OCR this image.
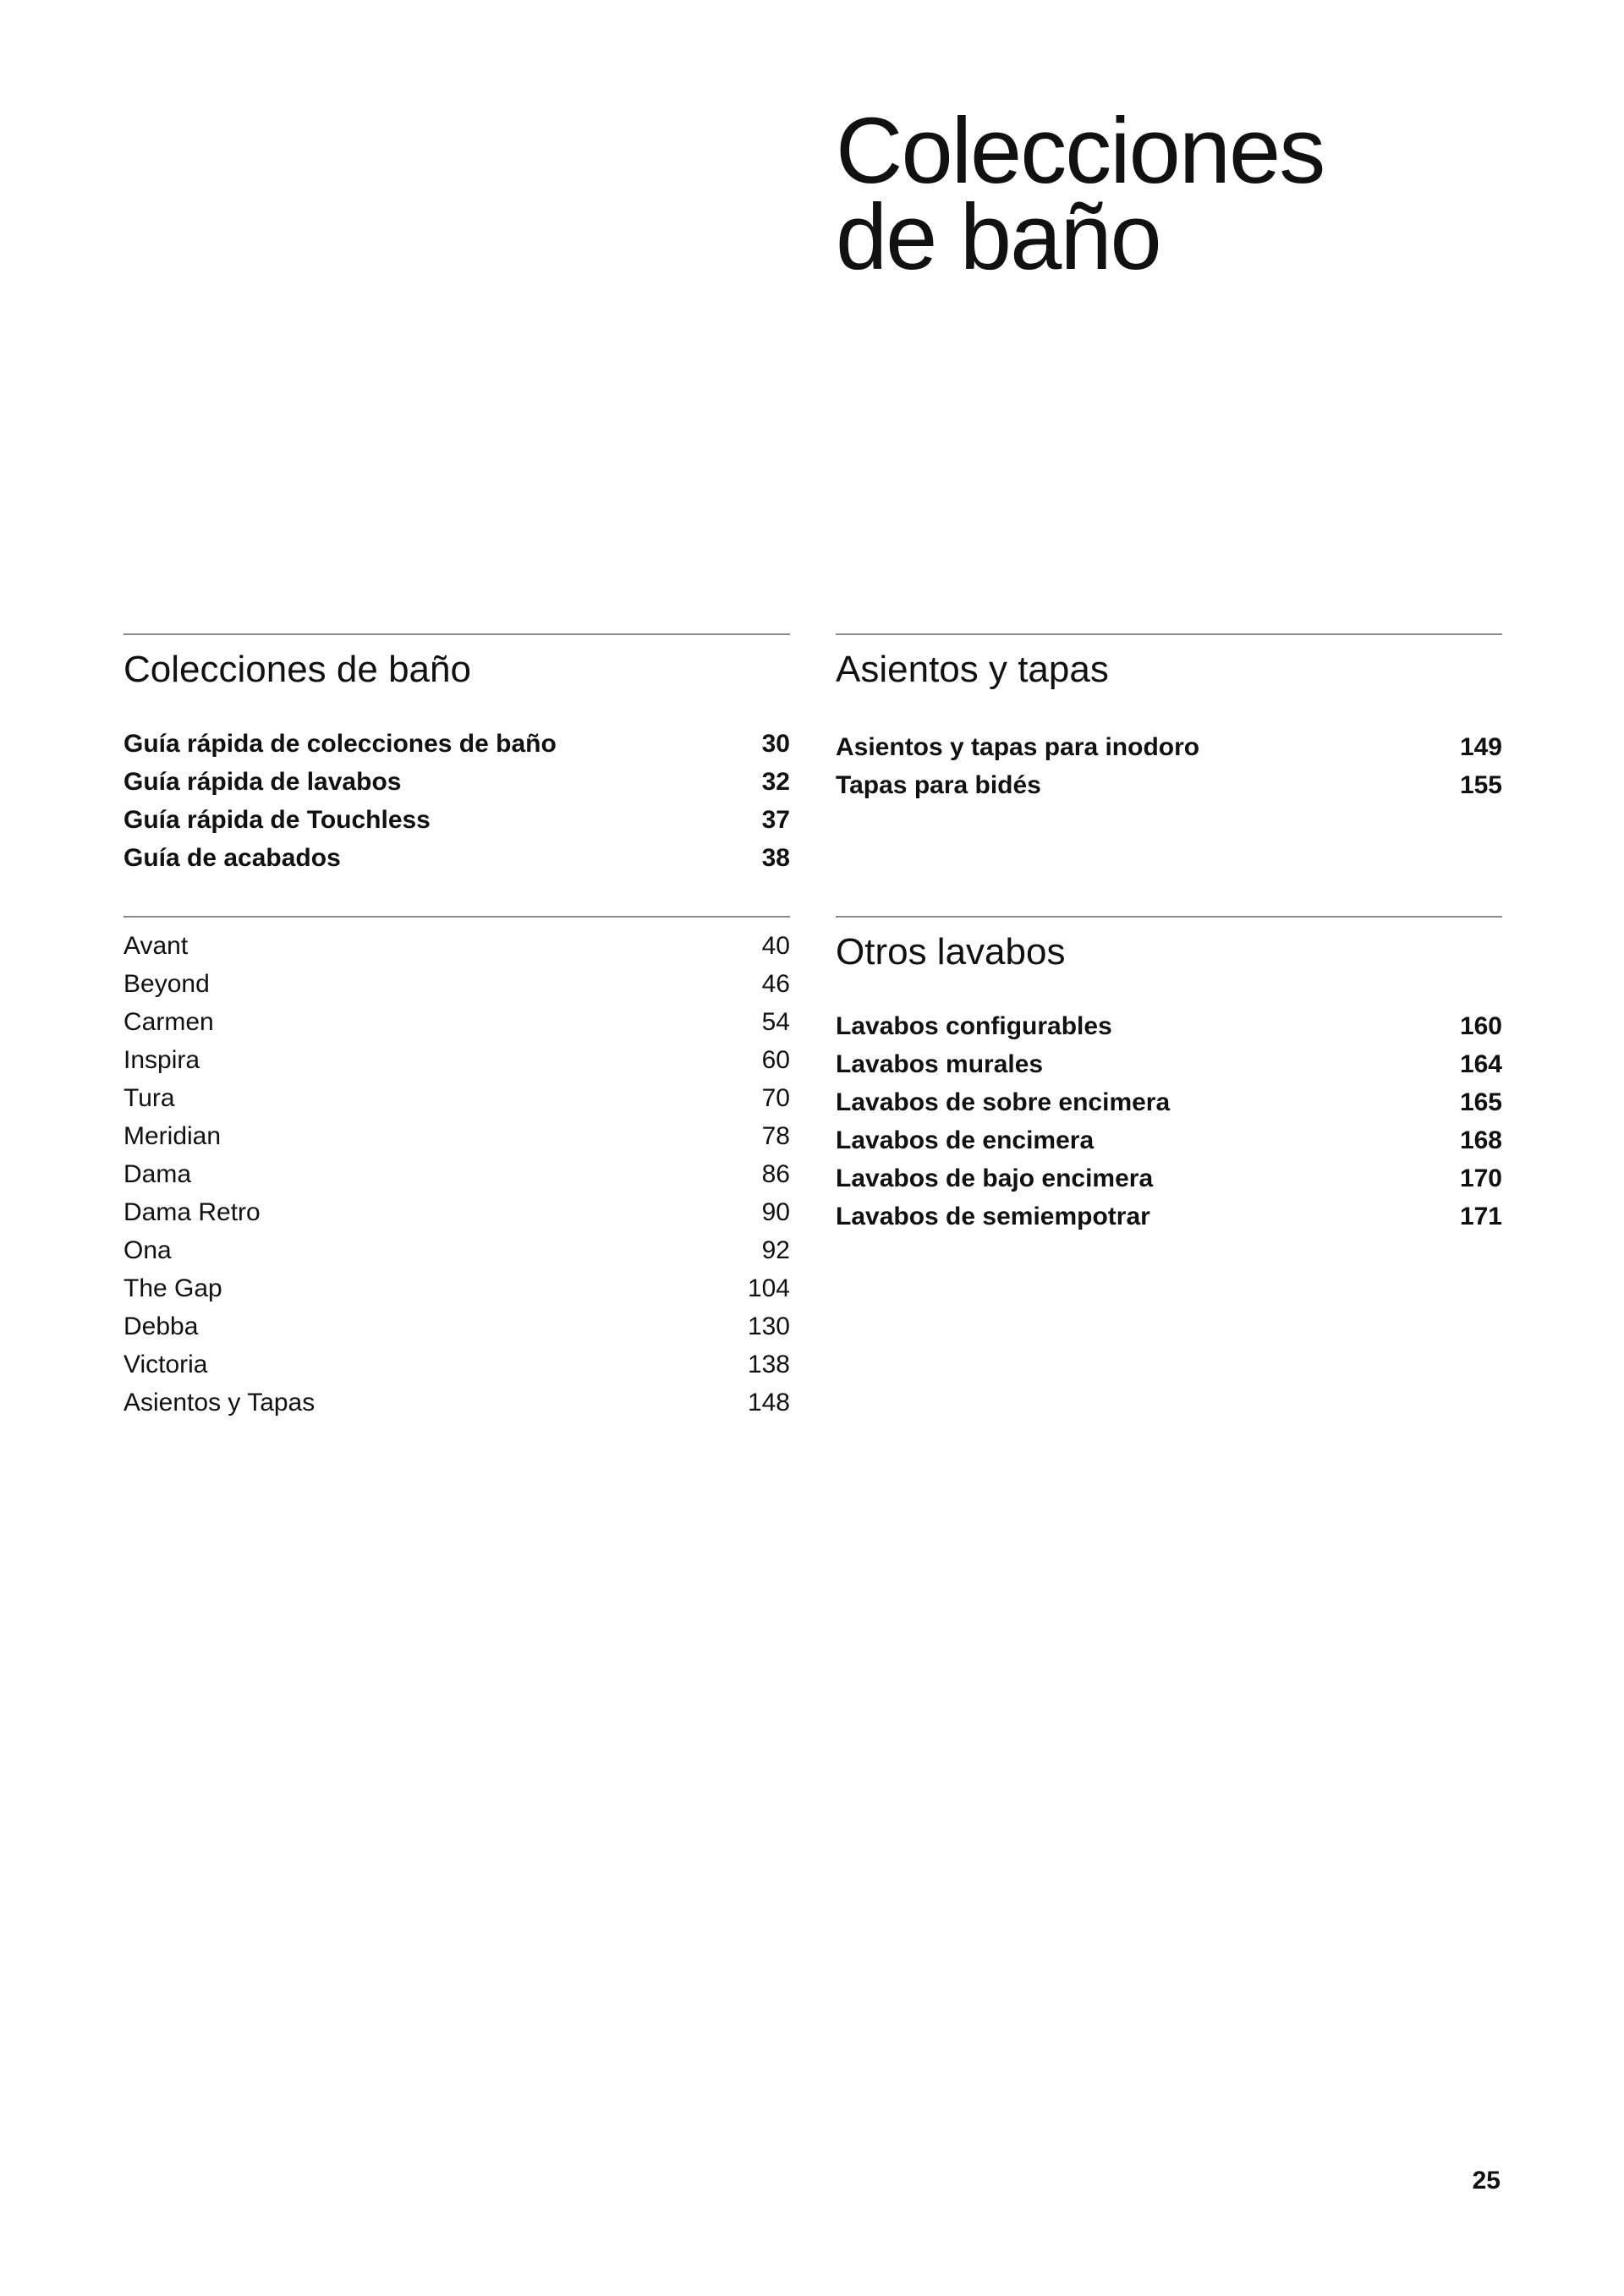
Colecciones
de baño
Colecciones de baño
Guía rápida de colecciones de baño	30
Guía rápida de lavabos	32
Guía rápida de Touchless	37
Guía de acabados	38
Avant	40
Beyond	46
Carmen	54
Inspira	60
Tura	70
Meridian	78
Dama	86
Dama Retro	90
Ona	92
The Gap	104
Debba	130
Victoria	138
Asientos y Tapas	148
Asientos y tapas
Asientos y tapas para inodoro	149
Tapas para bidés	155
Otros lavabos
Lavabos configurables	160
Lavabos murales	164
Lavabos de sobre encimera	165
Lavabos de encimera	168
Lavabos de bajo encimera	170
Lavabos de semiempotrar	171
25
